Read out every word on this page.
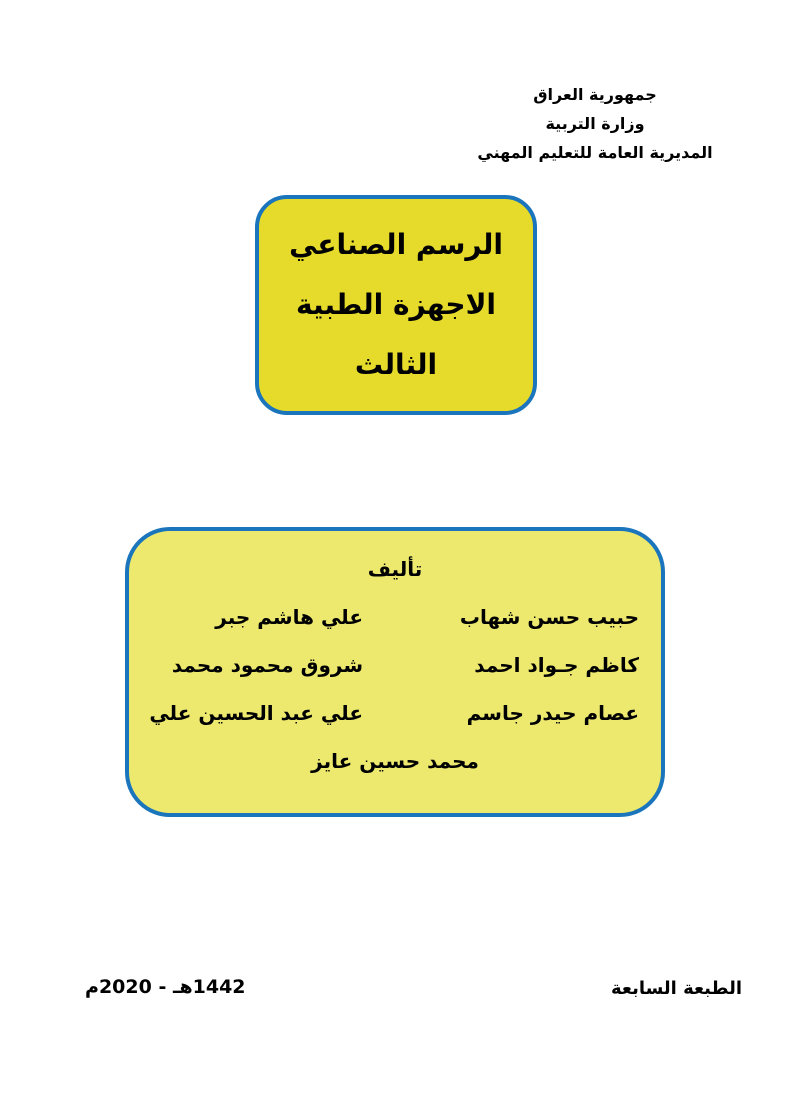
جمهورية العراق
وزارة التربية
المديرية العامة للتعليم المهني
الرسم الصناعي
الاجهزة الطبية
الثالث
تأليف
حبيب حسن شهاب
علي هاشم جبر
كاظم جـواد احمد
شروق محمود محمد
عصام حيدر جاسم
علي عبد الحسين علي
محمد حسين عايز
الطبعة السابعة
1442هـ - 2020م
